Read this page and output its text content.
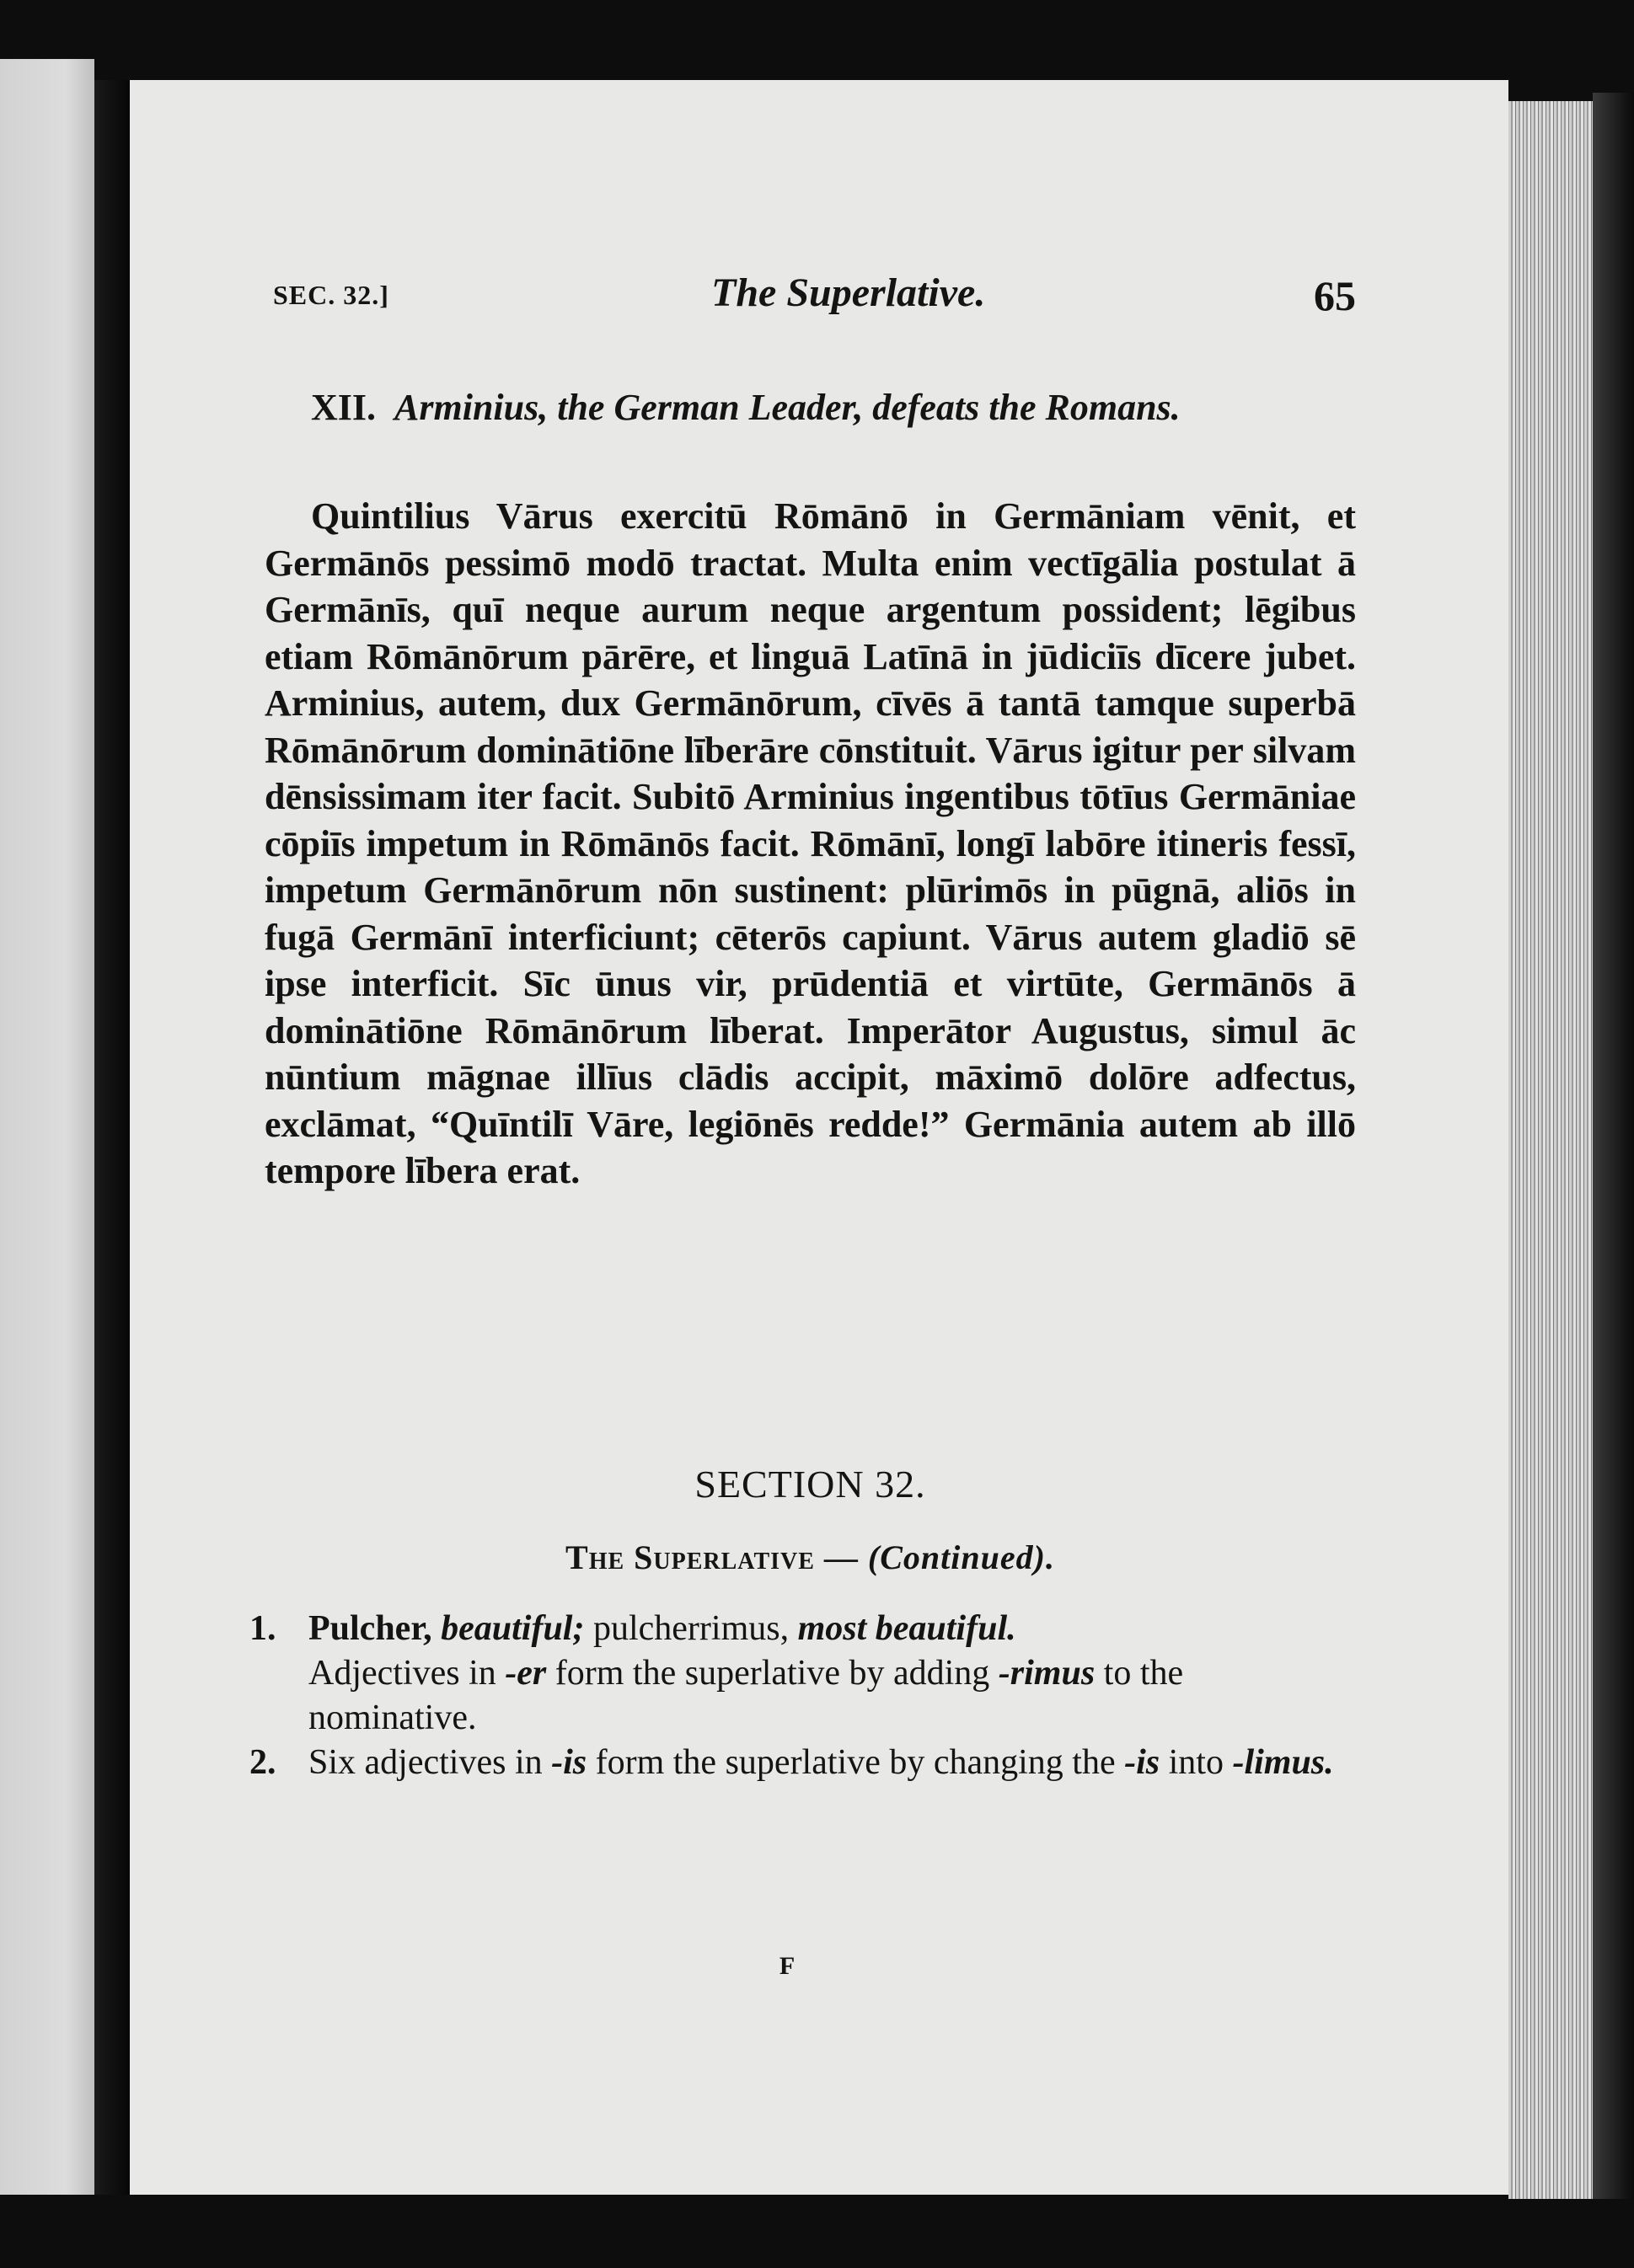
SEC. 32.]	The Superlative.	65
XII. Arminius, the German Leader, defeats the Romans.

Quintilius Vārus exercitū Rōmānō in Germāniam vēnit, et Germānōs pessimō modō tractat. Multa enim vectīgālia postulat ā Germānīs, quī neque aurum neque argentum possident; lēgibus etiam Rōmānōrum pārēre, et linguā Latīnā in jūdiciīs dīcere jubet. Arminius, autem, dux Germānōrum, cīvēs ā tantā tamque superbā Rōmānōrum dominātiōne līberāre cōnstituit. Vārus igitur per silvam dēnsissimam iter facit. Subitō Arminius ingentibus tōtīus Germāniae cōpiīs impetum in Rōmānōs facit. Rōmānī, longī labōre itineris fessī, impetum Germānōrum nōn sustinent: plūrimōs in pūgnā, aliōs in fugā Germānī interficiunt; cēterōs capiunt. Vārus autem gladiō sē ipse interficit. Sīc ūnus vir, prūdentiā et virtūte, Germānōs ā dominātiōne Rōmānōrum līberat. Imperātor Augustus, simul āc nūntium māgnae illīus clādis accipit, māximō dolōre adfectus, exclāmat, “Quīntilī Vāre, legiōnēs redde!” Germānia autem ab illō tempore lībera erat.

SECTION 32.
The Superlative — (Continued).
1. Pulcher, beautiful; pulcherrimus, most beautiful.
Adjectives in -er form the superlative by adding -rimus to the nominative.
2. Six adjectives in -is form the superlative by changing the -is into -limus.
F
